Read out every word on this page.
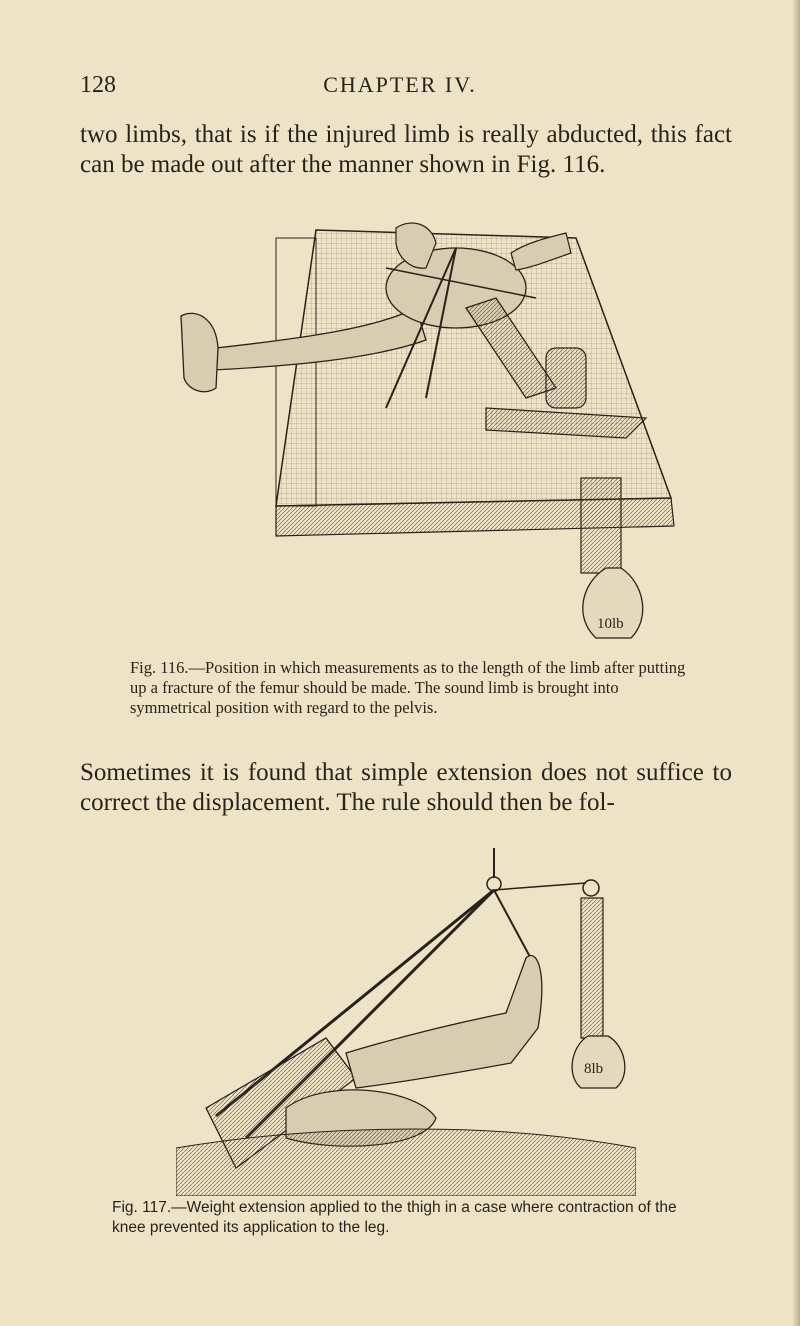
128	CHAPTER IV.

two limbs, that is if the injured limb is really abducted, this fact can be made out after the manner shown in Fig. 116.

10lb

Fig. 116.—Position in which measurements as to the length of the limb after putting up a fracture of the femur should be made. The sound limb is brought into symmetrical position with regard to the pelvis.

Sometimes it is found that simple extension does not suffice to correct the displacement. The rule should then be fol-

8lb

Fig. 117.—Weight extension applied to the thigh in a case where contraction of the knee prevented its application to the leg.
